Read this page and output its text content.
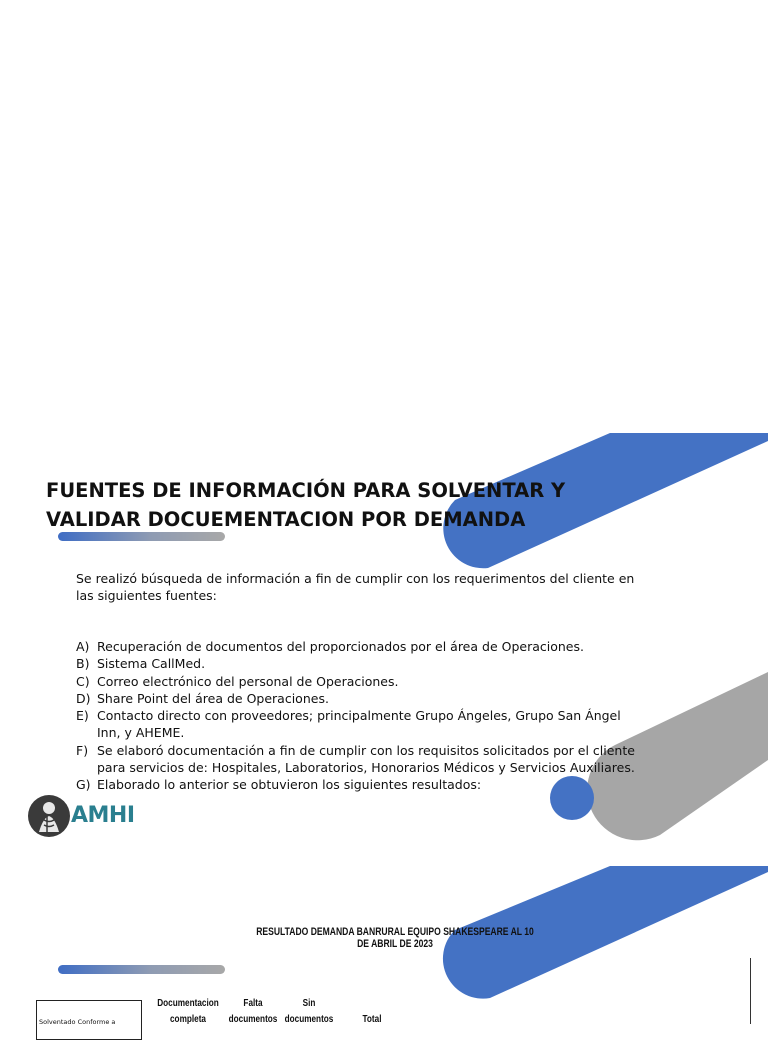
FUENTES DE INFORMACIÓN PARA SOLVENTAR Y
VALIDAR DOCUEMENTACION POR DEMANDA
Se realizó búsqueda de información a fin de cumplir con los requerimentos del cliente en las siguientes fuentes:
A) Recuperación de documentos del proporcionados por el área de Operaciones.
B) Sistema CallMed.
C) Correo electrónico del personal de Operaciones.
D) Share Point del área de Operaciones.
E) Contacto directo con proveedores; principalmente Grupo Ángeles, Grupo San Ángel Inn, y AHEME.
F) Se elaboró documentación a fin de cumplir con los requisitos solicitados por el cliente para servicios de: Hospitales, Laboratorios, Honorarios Médicos y Servicios Auxiliares.
G) Elaborado lo anterior se obtuvieron los siguientes resultados:
AMHI
RESULTADO DEMANDA BANRURAL EQUIPO SHAKESPEARE AL 10 DE ABRIL DE 2023
Solventado Conforme a
Documentacion
completa
Falta
documentos
Sin
documentos
	Total
